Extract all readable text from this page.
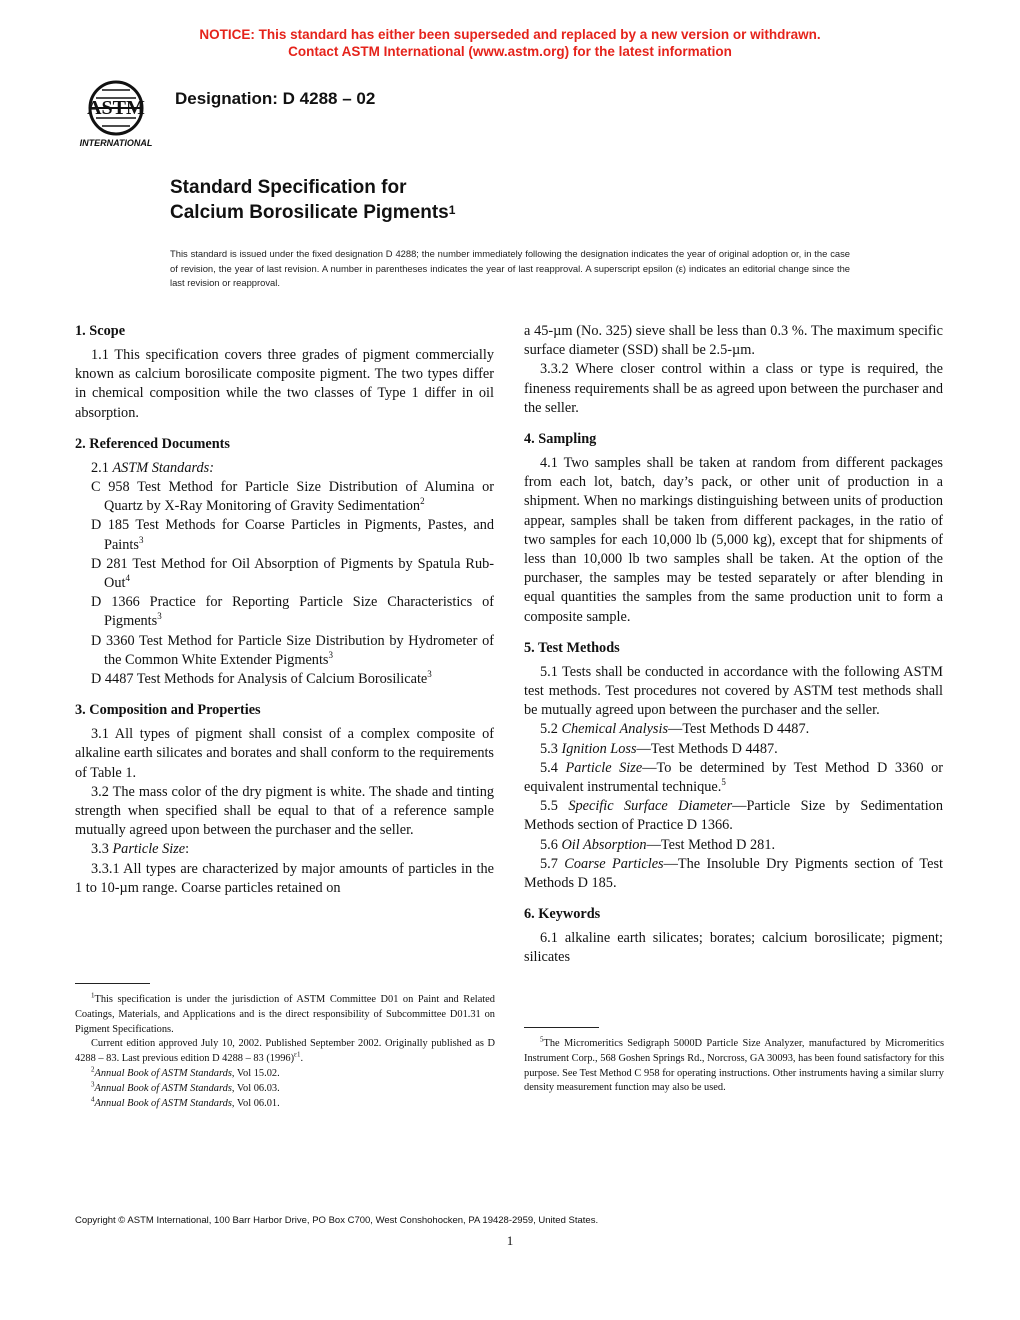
NOTICE: This standard has either been superseded and replaced by a new version or withdrawn.
Contact ASTM International (www.astm.org) for the latest information
ASTM
INTERNATIONAL
Designation: D 4288 – 02
Standard Specification for
Calcium Borosilicate Pigments$^1$
This standard is issued under the fixed designation D 4288; the number immediately following the designation indicates the year of original adoption or, in the case of revision, the year of last revision. A number in parentheses indicates the year of last reapproval. A superscript epsilon (ε) indicates an editorial change since the last revision or reapproval.
1. Scope

1.1 This specification covers three grades of pigment commercially known as calcium borosilicate composite pigment. The two types differ in chemical composition while the two classes of Type 1 differ in oil absorption.

2. Referenced Documents

2.1 ASTM Standards:

C 958 Test Method for Particle Size Distribution of Alumina or Quartz by X-Ray Monitoring of Gravity Sedimentation$^2$

D 185 Test Methods for Coarse Particles in Pigments, Pastes, and Paints$^3$

D 281 Test Method for Oil Absorption of Pigments by Spatula Rub-Out$^4$

D 1366 Practice for Reporting Particle Size Characteristics of Pigments$^3$

D 3360 Test Method for Particle Size Distribution by Hydrometer of the Common White Extender Pigments$^3$

D 4487 Test Methods for Analysis of Calcium Borosilicate$^3$

3. Composition and Properties

3.1 All types of pigment shall consist of a complex composite of alkaline earth silicates and borates and shall conform to the requirements of Table 1.

3.2 The mass color of the dry pigment is white. The shade and tinting strength when specified shall be equal to that of a reference sample mutually agreed upon between the purchaser and the seller.

3.3 Particle Size:

3.3.1 All types are characterized by major amounts of particles in the 1 to 10-µm range. Coarse particles retained on

a 45-µm (No. 325) sieve shall be less than 0.3 %. The maximum specific surface diameter (SSD) shall be 2.5-µm.

3.3.2 Where closer control within a class or type is required, the fineness requirements shall be as agreed upon between the purchaser and the seller.

4. Sampling

4.1 Two samples shall be taken at random from different packages from each lot, batch, day’s pack, or other unit of production in a shipment. When no markings distinguishing between units of production appear, samples shall be taken from different packages, in the ratio of two samples for each 10,000 lb (5,000 kg), except that for shipments of less than 10,000 lb two samples shall be taken. At the option of the purchaser, the samples may be tested separately or after blending in equal quantities the samples from the same production unit to form a composite sample.

5. Test Methods

5.1 Tests shall be conducted in accordance with the following ASTM test methods. Test procedures not covered by ASTM test methods shall be mutually agreed upon between the purchaser and the seller.

5.2 Chemical Analysis—Test Methods D 4487.

5.3 Ignition Loss—Test Methods D 4487.

5.4 Particle Size—To be determined by Test Method D 3360 or equivalent instrumental technique.$^5$

5.5 Specific Surface Diameter—Particle Size by Sedimentation Methods section of Practice D 1366.

5.6 Oil Absorption—Test Method D 281.

5.7 Coarse Particles—The Insoluble Dry Pigments section of Test Methods D 185.

6. Keywords

6.1 alkaline earth silicates; borates; calcium borosilicate; pigment; silicates

$^1$This specification is under the jurisdiction of ASTM Committee D01 on Paint and Related Coatings, Materials, and Applications and is the direct responsibility of Subcommittee D01.31 on Pigment Specifications.

Current edition approved July 10, 2002. Published September 2002. Originally published as D 4288 – 83. Last previous edition D 4288 – 83 $(1996)^{\varepsilon 1}$.

$^2$Annual Book of ASTM Standards, Vol 15.02.

$^3$Annual Book of ASTM Standards, Vol 06.03.

$^4$Annual Book of ASTM Standards, Vol 06.01.

$^5$The Micromeritics Sedigraph 5000D Particle Size Analyzer, manufactured by Micromeritics Instrument Corp., 568 Goshen Springs Rd., Norcross, GA 30093, has been found satisfactory for this purpose. See Test Method C 958 for operating instructions. Other instruments having a similar slurry density measurement function may also be used.

Copyright © ASTM International, 100 Barr Harbor Drive, PO Box C700, West Conshohocken, PA 19428-2959, United States.
1
